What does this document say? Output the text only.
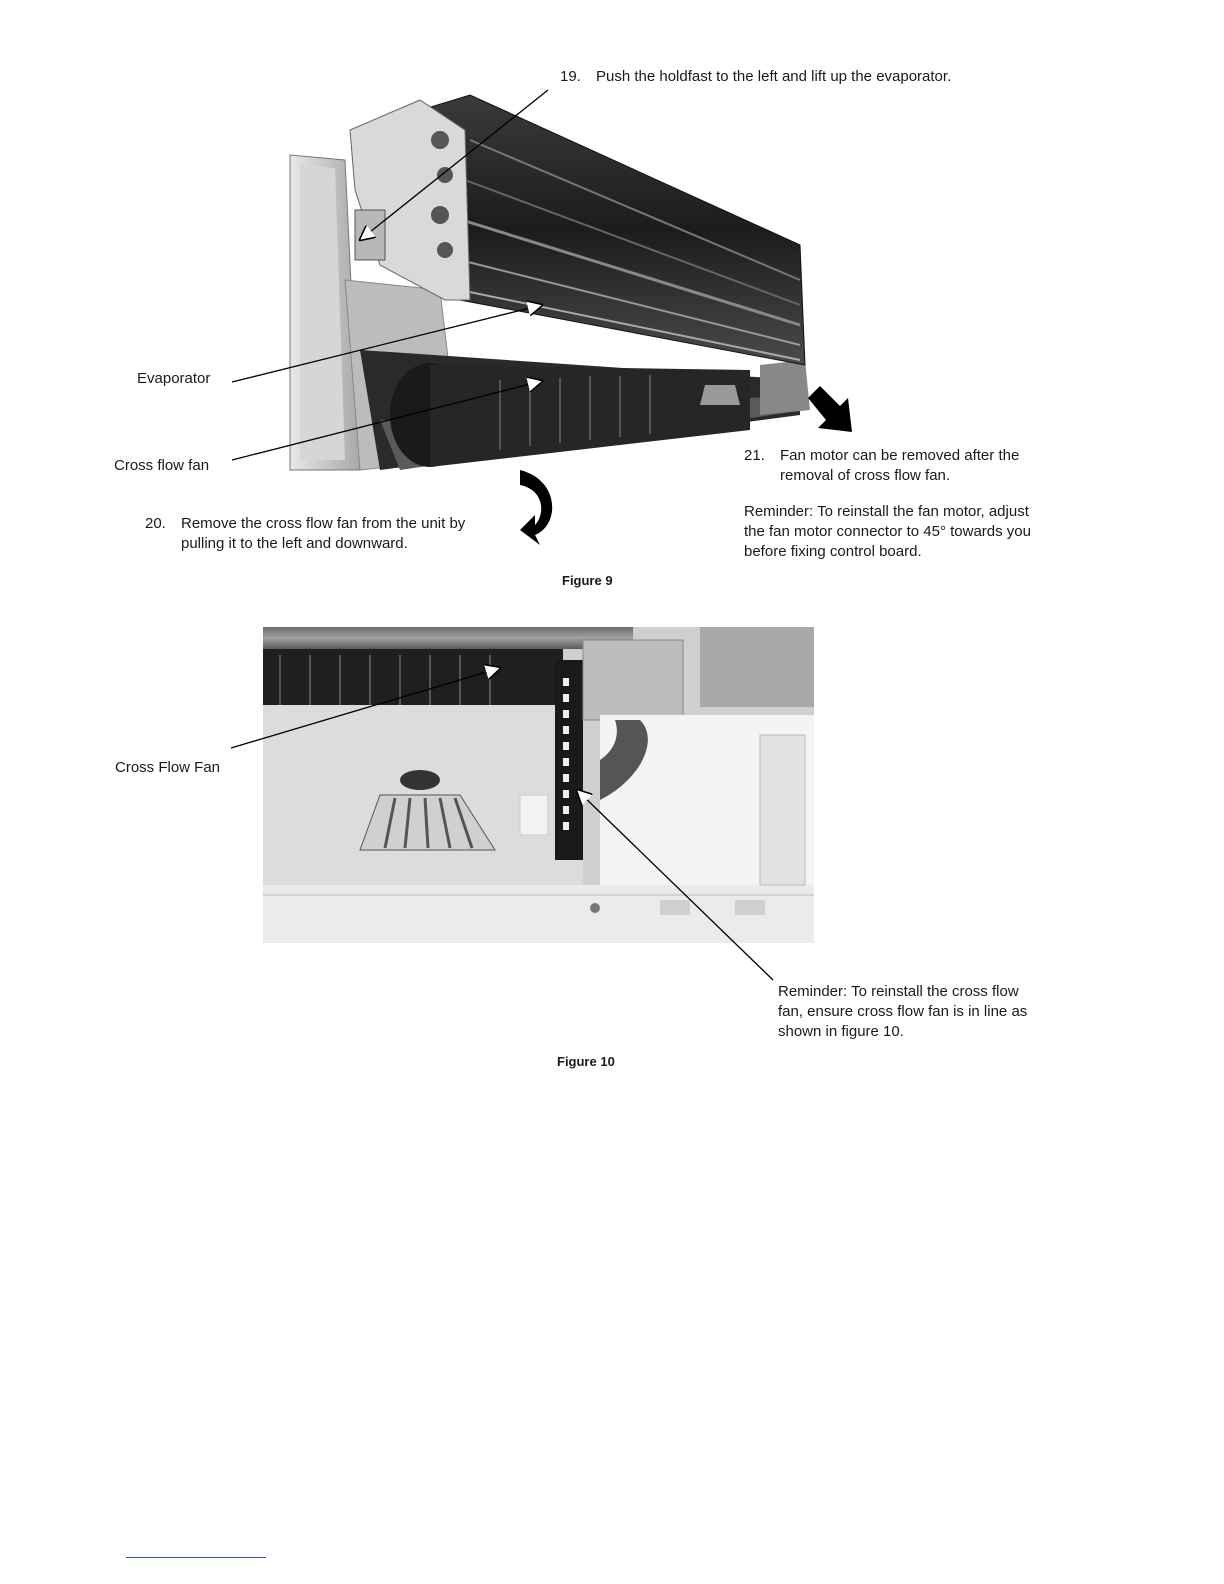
19. Push the holdfast to the left and lift up the evaporator.
Evaporator
Cross flow fan
20. Remove the cross flow fan from the unit by
pulling it to the left and downward.
21. Fan motor can be removed after the
removal of cross flow fan.
Reminder: To reinstall the fan motor, adjust
the fan motor connector to 45° towards you
before fixing control board.
Figure 9
Cross Flow Fan
Reminder: To reinstall the cross flow
fan, ensure cross flow fan is in line as
shown in figure 10.
Figure 10
